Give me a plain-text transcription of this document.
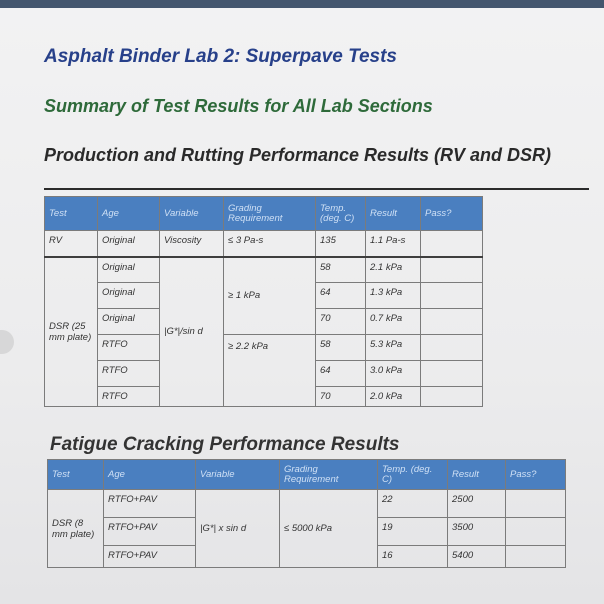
Asphalt Binder Lab 2: Superpave Tests
Summary of Test Results for All Lab Sections
Production and Rutting Performance Results (RV and DSR)
Test	Age	Variable	Grading Requirement	Temp. (deg. C)	Result	Pass?
RV	Original	Viscosity	≤ 3 Pa-s	135	1.1 Pa-s	
DSR (25 mm plate)	Original	|G*|/sin d	≥ 1 kPa	58	2.1 kPa	
	Original			64	1.3 kPa	
	Original			70	0.7 kPa	
	RTFO		≥ 2.2 kPa	58	5.3 kPa	
	RTFO			64	3.0 kPa	
	RTFO			70	2.0 kPa	
Fatigue Cracking Performance Results
Test	Age	Variable	Grading Requirement	Temp. (deg. C)	Result	Pass?
DSR (8 mm plate)	RTFO+PAV	|G*| x sin d	≤ 5000 kPa	22	2500	
	RTFO+PAV			19	3500	
	RTFO+PAV			16	5400	
